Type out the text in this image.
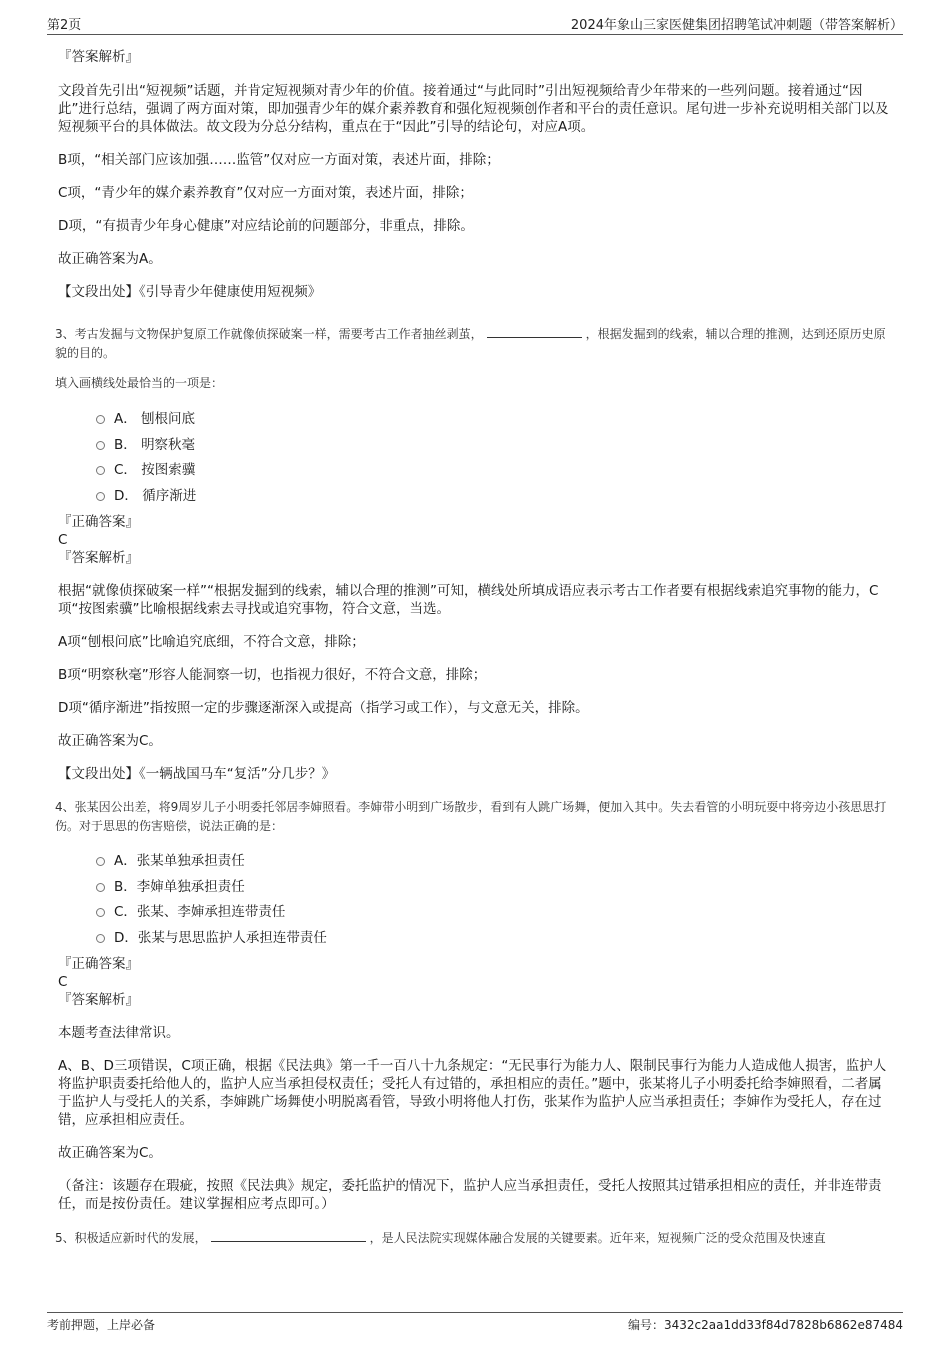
第2页	2024年象山三家医健集团招聘笔试冲刺题（带答案解析）
『答案解析』

文段首先引出“短视频”话题，并肯定短视频对青少年的价值。接着通过“与此同时”引出短视频给青少年带来的一些列问题。接着通过“因此”进行总结，强调了两方面对策，即加强青少年的媒介素养教育和强化短视频创作者和平台的责任意识。尾句进一步补充说明相关部门以及短视频平台的具体做法。故文段为分总分结构，重点在于“因此”引导的结论句，对应A项。

B项，“相关部门应该加强……监管”仅对应一方面对策，表述片面，排除；

C项，“青少年的媒介素养教育”仅对应一方面对策，表述片面，排除；

D项，“有损青少年身心健康”对应结论前的问题部分，非重点，排除。

故正确答案为A。

【文段出处】《引导青少年健康使用短视频》

3、考古发掘与文物保护复原工作就像侦探破案一样，需要考古工作者抽丝剥茧，	，根据发掘到的线索，辅以合理的推测，达到还原历史原貌的目的。

填入画横线处最恰当的一项是：

A． 刨根问底
B． 明察秋毫
C． 按图索骥
D． 循序渐进
『正确答案』
C
『答案解析』

根据“就像侦探破案一样”“根据发掘到的线索，辅以合理的推测”可知，横线处所填成语应表示考古工作者要有根据线索追究事物的能力，C项“按图索骥”比喻根据线索去寻找或追究事物，符合文意，当选。

A项“刨根问底”比喻追究底细，不符合文意，排除；

B项“明察秋毫”形容人能洞察一切，也指视力很好，不符合文意，排除；

D项“循序渐进”指按照一定的步骤逐渐深入或提高（指学习或工作），与文意无关，排除。

故正确答案为C。

【文段出处】《一辆战国马车“复活”分几步？》

4、张某因公出差，将9周岁儿子小明委托邻居李婶照看。李婶带小明到广场散步，看到有人跳广场舞，便加入其中。失去看管的小明玩耍中将旁边小孩思思打伤。对于思思的伤害赔偿，说法正确的是：

A．张某单独承担责任
B．李婶单独承担责任
C．张某、李婶承担连带责任
D．张某与思思监护人承担连带责任
『正确答案』
C
『答案解析』

本题考查法律常识。

A、B、D三项错误，C项正确，根据《民法典》第一千一百八十九条规定：“无民事行为能力人、限制民事行为能力人造成他人损害，监护人将监护职责委托给他人的，监护人应当承担侵权责任；受托人有过错的，承担相应的责任。”题中，张某将儿子小明委托给李婶照看，二者属于监护人与受托人的关系，李婶跳广场舞使小明脱离看管，导致小明将他人打伤，张某作为监护人应当承担责任；李婶作为受托人，存在过错，应承担相应责任。

故正确答案为C。

（备注：该题存在瑕疵，按照《民法典》规定，委托监护的情况下，监护人应当承担责任，受托人按照其过错承担相应的责任，并非连带责任，而是按份责任。建议掌握相应考点即可。）

5、积极适应新时代的发展，	，是人民法院实现媒体融合发展的关键要素。近年来，短视频广泛的受众范围及快速直

考前押题，上岸必备	编号：3432c2aa1dd33f84d7828b6862e87484
